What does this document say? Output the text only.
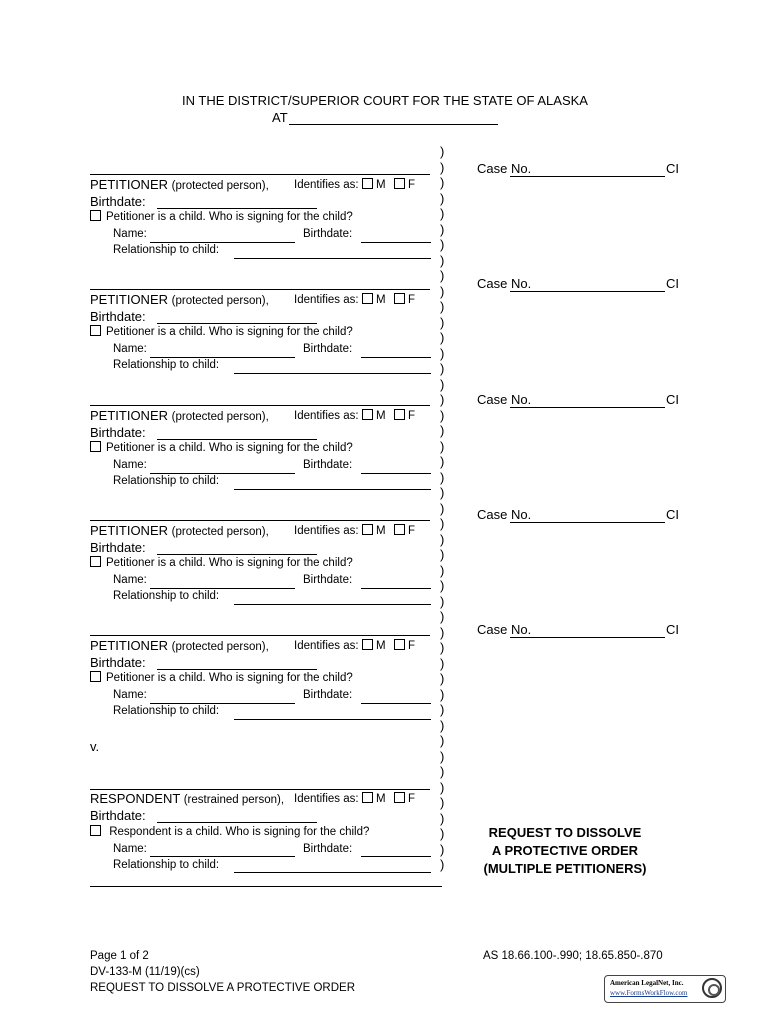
IN THE DISTRICT/SUPERIOR COURT FOR THE STATE OF ALASKA
AT
)
)
)
)
)
)
)
)
)
)
)
)
)
)
)
)
)
)
)
)
)
)
)
)
)
)
)
)
)
)
)
)
)
)
)
)
)
)
)
)
)
)
)
)
)
)
)
Case No.	CI
PETITIONER (protected person), Identifies as: M F
Birthdate:
Petitioner is a child. Who is signing for the child?
Name:	Birthdate:
Relationship to child:
Case No.	CI
PETITIONER (protected person), Identifies as: M F
Birthdate:
Petitioner is a child. Who is signing for the child?
Name:	Birthdate:
Relationship to child:
Case No.	CI
PETITIONER (protected person), Identifies as: M F
Birthdate:
Petitioner is a child. Who is signing for the child?
Name:	Birthdate:
Relationship to child:
Case No.	CI
PETITIONER (protected person), Identifies as: M F
Birthdate:
Petitioner is a child. Who is signing for the child?
Name:	Birthdate:
Relationship to child:
Case No.	CI
PETITIONER (protected person), Identifies as: M F
Birthdate:
Petitioner is a child. Who is signing for the child?
Name:	Birthdate:
Relationship to child:
v.
RESPONDENT (restrained person), Identifies as: M F
Birthdate:
Respondent is a child. Who is signing for the child?
Name:	Birthdate:
Relationship to child:
REQUEST TO DISSOLVE
A PROTECTIVE ORDER
(MULTIPLE PETITIONERS)
Page 1 of 2
DV-133-M (11/19)(cs)
REQUEST TO DISSOLVE A PROTECTIVE ORDER
AS 18.66.100-.990; 18.65.850-.870
American LegalNet, Inc.
www.FormsWorkFlow.com
